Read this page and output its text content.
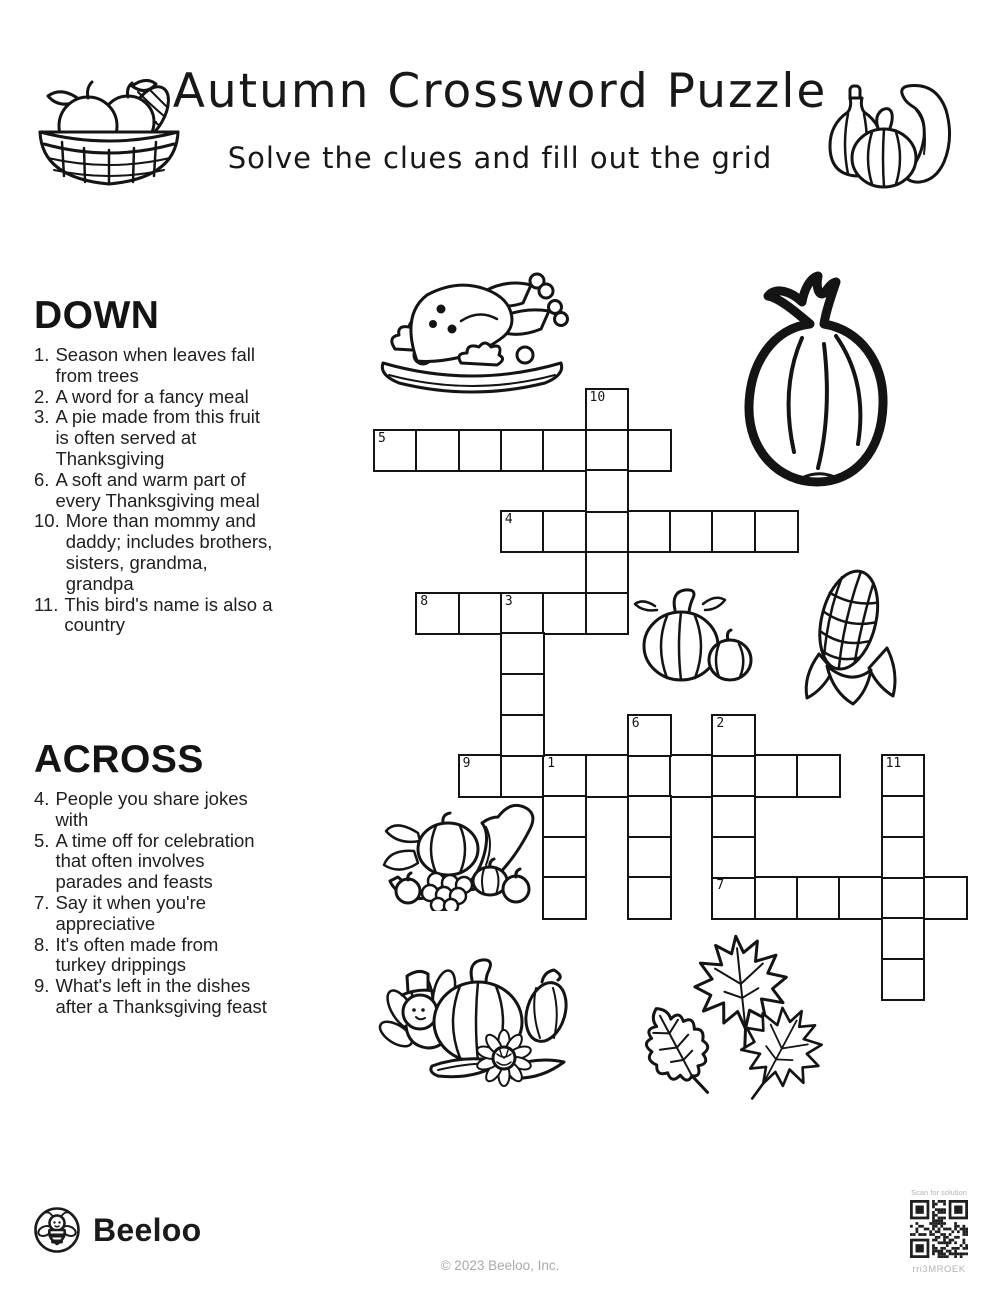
Autumn Crossword Puzzle
Solve the clues and fill out the grid
DOWN
1. Season when leaves fall from trees
2. A word for a fancy meal
3. A pie made from this fruit is often served at Thanksgiving
6. A soft and warm part of every Thanksgiving meal
10. More than mommy and daddy; includes brothers, sisters, grandma, grandpa
11. This bird's name is also a country
ACROSS
4. People you share jokes with
5. A time off for celebration that often involves parades and feasts
7. Say it when you're appreciative
8. It's often made from turkey drippings
9. What's left in the dishes after a Thanksgiving feast
10
5
4
8	3
6	2
9	1	11
7
Beeloo
© 2023 Beeloo, Inc.
Scan for solution
rri3MROEK
